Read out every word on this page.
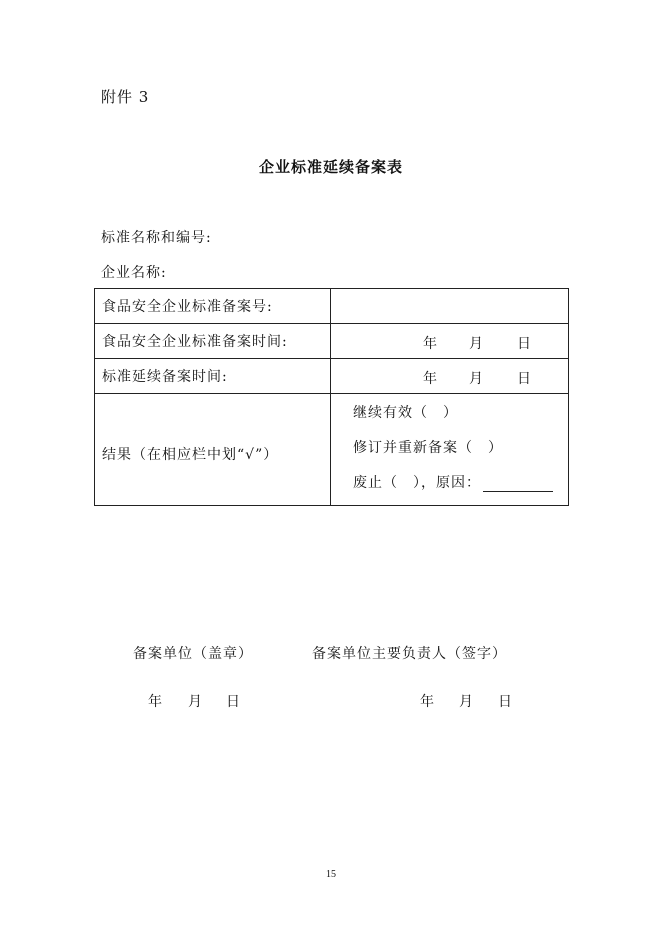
附件 3
企业标准延续备案表
标准名称和编号:
企业名称:
食品安全企业标准备案号:	
食品安全企业标准备案时间:	年 月 日

标准延续备案时间:	年 月 日

结果（在相应栏中划“√”）	继续有效（　）
修订并重新备案（　）
废止（　），原因：
备案单位（盖章）	备案单位主要负责人（签字）
年 月 日	年 月 日
15
